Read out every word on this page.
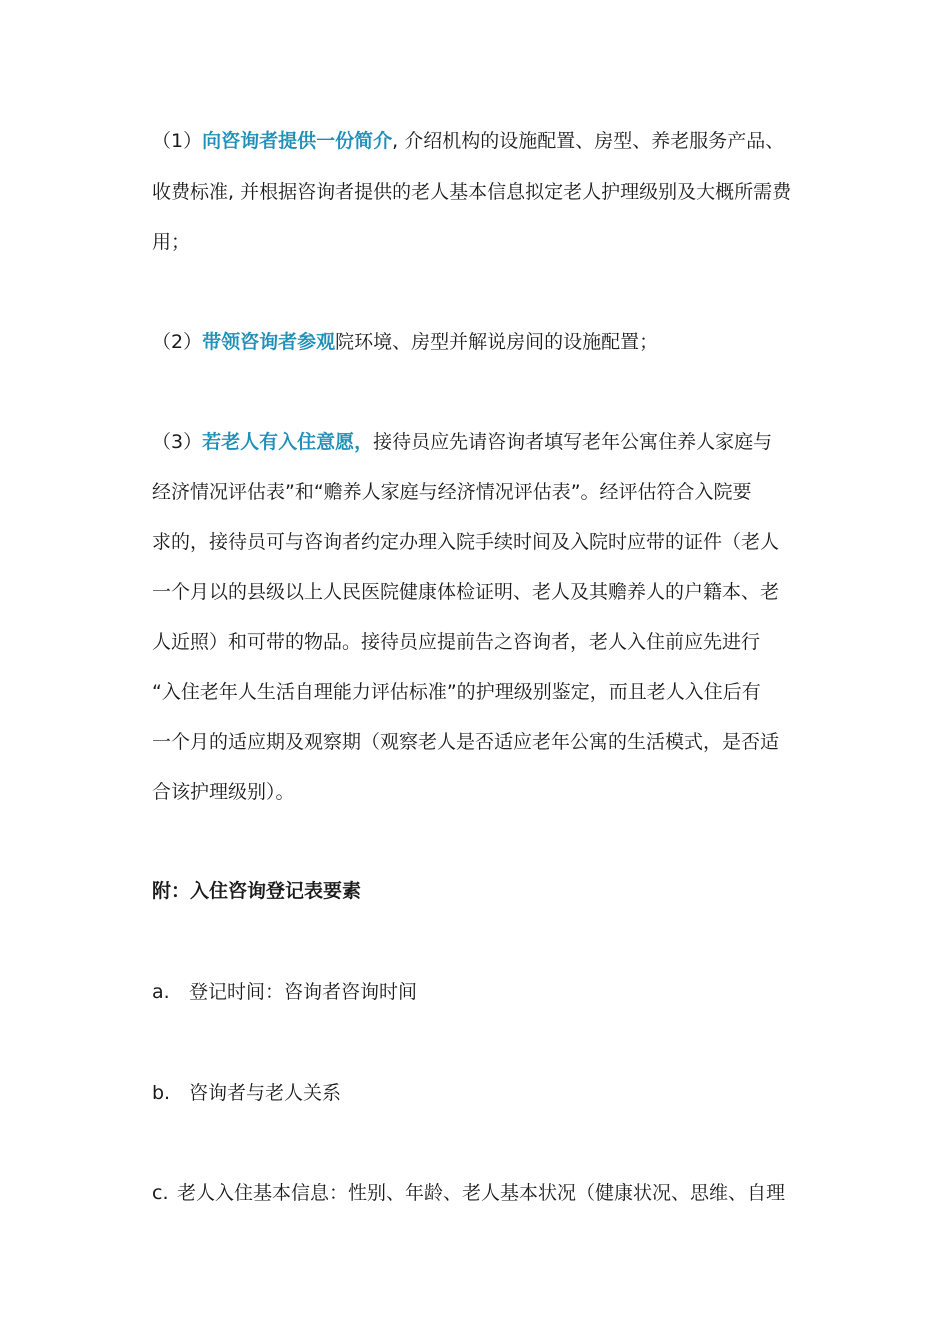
（1）向咨询者提供一份简介, 介绍机构的设施配置、房型、养老服务产品、
收费标准, 并根据咨询者提供的老人基本信息拟定老人护理级别及大概所需费
用；
（2）带领咨询者参观院环境、房型并解说房间的设施配置；
（3）若老人有入住意愿，接待员应先请咨询者填写老年公寓住养人家庭与
经济情况评估表”和“赡养人家庭与经济情况评估表”。经评估符合入院要
求的，接待员可与咨询者约定办理入院手续时间及入院时应带的证件（老人
一个月以的县级以上人民医院健康体检证明、老人及其赡养人的户籍本、老
人近照）和可带的物品。接待员应提前告之咨询者，老人入住前应先进行
“入住老年人生活自理能力评估标准”的护理级别鉴定，而且老人入住后有
一个月的适应期及观察期（观察老人是否适应老年公寓的生活模式，是否适
合该护理级别）。
附：入住咨询登记表要素
a. 登记时间：咨询者咨询时间
b. 咨询者与老人关系
c. 老人入住基本信息：性别、年龄、老人基本状况（健康状况、思维、自理
